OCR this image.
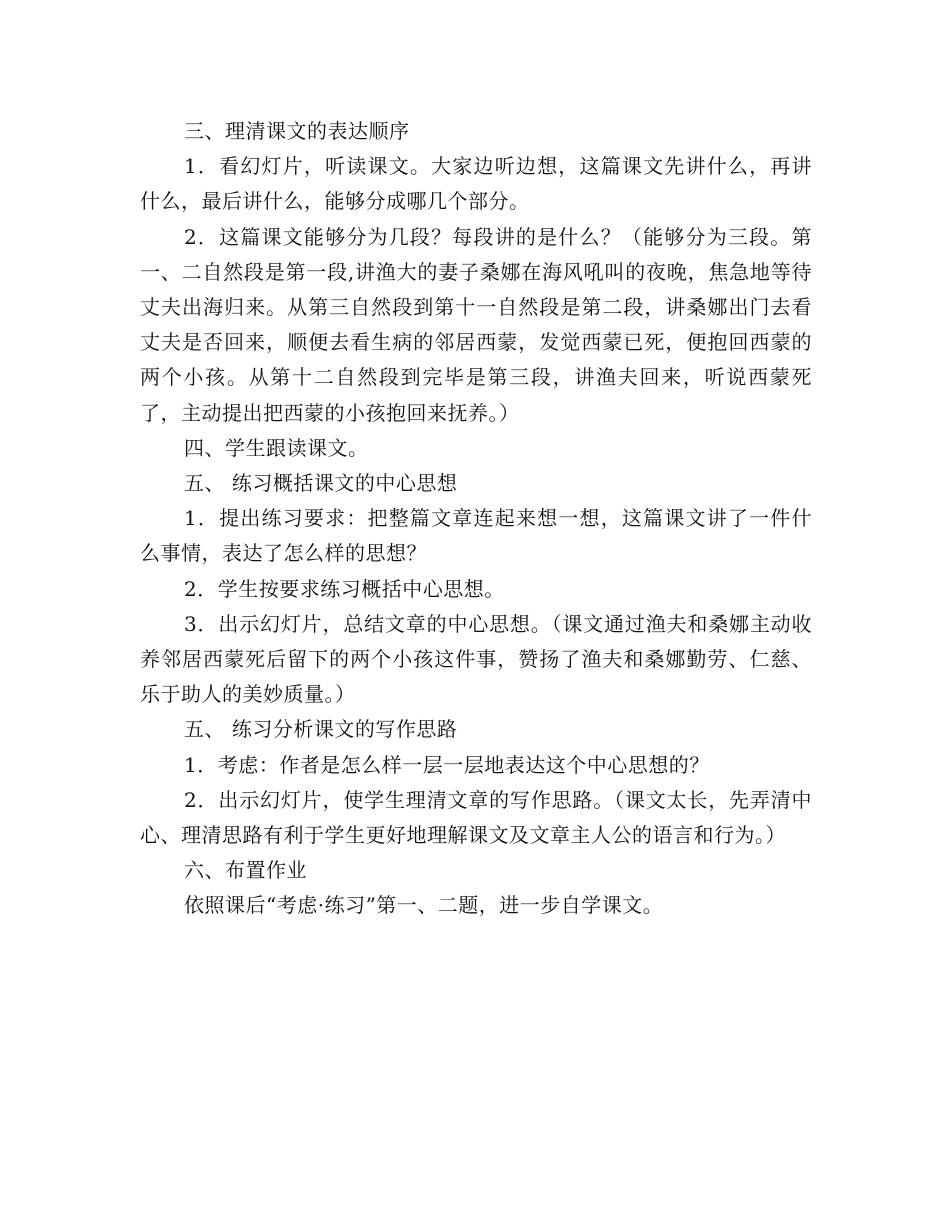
三、理清课文的表达顺序

1．看幻灯片，听读课文。大家边听边想，这篇课文先讲什么，再讲什么，最后讲什么，能够分成哪几个部分。

2．这篇课文能够分为几段？每段讲的是什么？（能够分为三段。第一、二自然段是第一段,讲渔大的妻子桑娜在海风吼叫的夜晚，焦急地等待丈夫出海归来。从第三自然段到第十一自然段是第二段，讲桑娜出门去看丈夫是否回来，顺便去看生病的邻居西蒙，发觉西蒙已死，便抱回西蒙的两个小孩。从第十二自然段到完毕是第三段，讲渔夫回来，听说西蒙死了，主动提出把西蒙的小孩抱回来抚养。）

四、学生跟读课文。

五、 练习概括课文的中心思想

1．提出练习要求：把整篇文章连起来想一想，这篇课文讲了一件什么事情，表达了怎么样的思想？

2．学生按要求练习概括中心思想。

3．出示幻灯片，总结文章的中心思想。（课文通过渔夫和桑娜主动收养邻居西蒙死后留下的两个小孩这件事，赞扬了渔夫和桑娜勤劳、仁慈、乐于助人的美妙质量。）

五、 练习分析课文的写作思路

1．考虑：作者是怎么样一层一层地表达这个中心思想的？

2．出示幻灯片，使学生理清文章的写作思路。（课文太长，先弄清中心、理清思路有利于学生更好地理解课文及文章主人公的语言和行为。）

六、布置作业

依照课后“考虑·练习”第一、二题，进一步自学课文。
